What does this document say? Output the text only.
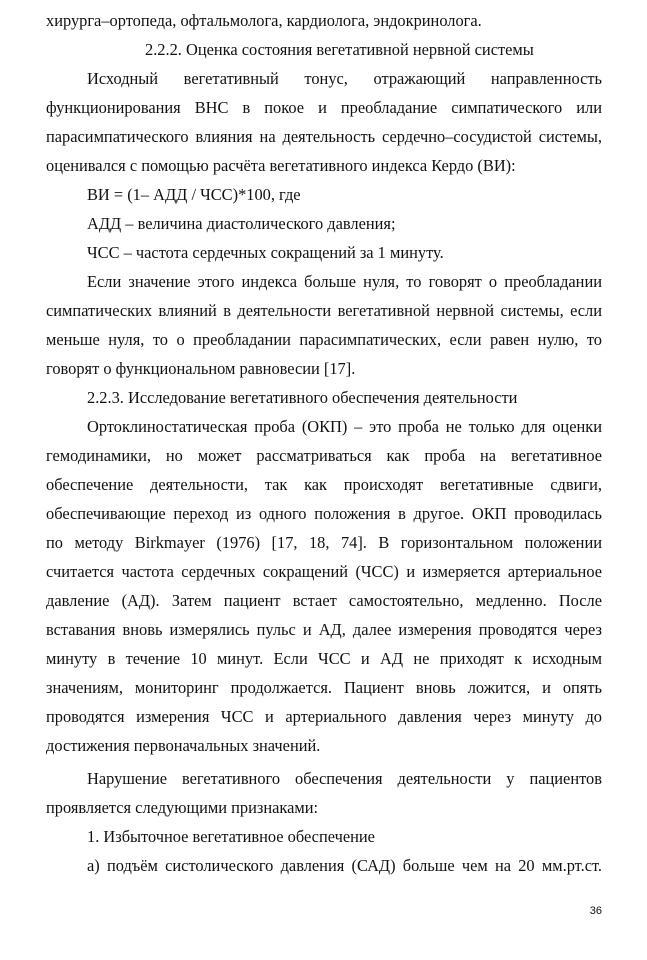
хирурга–ортопеда, офтальмолога, кардиолога, эндокринолога.
2.2.2. Оценка состояния вегетативной нервной системы
Исходный вегетативный тонус, отражающий направленность
функционирования ВНС в покое и преобладание симпатического или
парасимпатического влияния на деятельность сердечно–сосудистой системы,
оценивался с помощью расчёта вегетативного индекса Кердо (ВИ):
ВИ = (1– АДД / ЧСС)*100, где
АДД – величина диастолического давления;
ЧСС – частота сердечных сокращений за 1 минуту.
Если значение этого индекса больше нуля, то говорят о преобладании
симпатических влияний в деятельности вегетативной нервной системы, если
меньше нуля, то о преобладании парасимпатических, если равен нулю, то
говорят о функциональном равновесии [17].
2.2.3. Исследование вегетативного обеспечения деятельности
Ортоклиностатическая проба (ОКП) – это проба не только для оценки
гемодинамики, но может рассматриваться как проба на вегетативное
обеспечение деятельности, так как происходят вегетативные сдвиги,
обеспечивающие переход из одного положения в другое. ОКП проводилась
по методу Birkmayer (1976) [17, 18, 74]. В горизонтальном положении
считается частота сердечных сокращений (ЧСС) и измеряется артериальное
давление (АД). Затем пациент встает самостоятельно, медленно. После
вставания вновь измерялись пульс и АД, далее измерения проводятся через
минуту в течение 10 минут. Если ЧСС и АД не приходят к исходным
значениям, мониторинг продолжается. Пациент вновь ложится, и опять
проводятся измерения ЧСС и артериального давления через минуту до
достижения первоначальных значений.
Нарушение вегетативного обеспечения деятельности у пациентов
проявляется следующими признаками:
1. Избыточное вегетативное обеспечение
а) подъём систолического давления (САД) больше чем на 20 мм.рт.ст.
36
